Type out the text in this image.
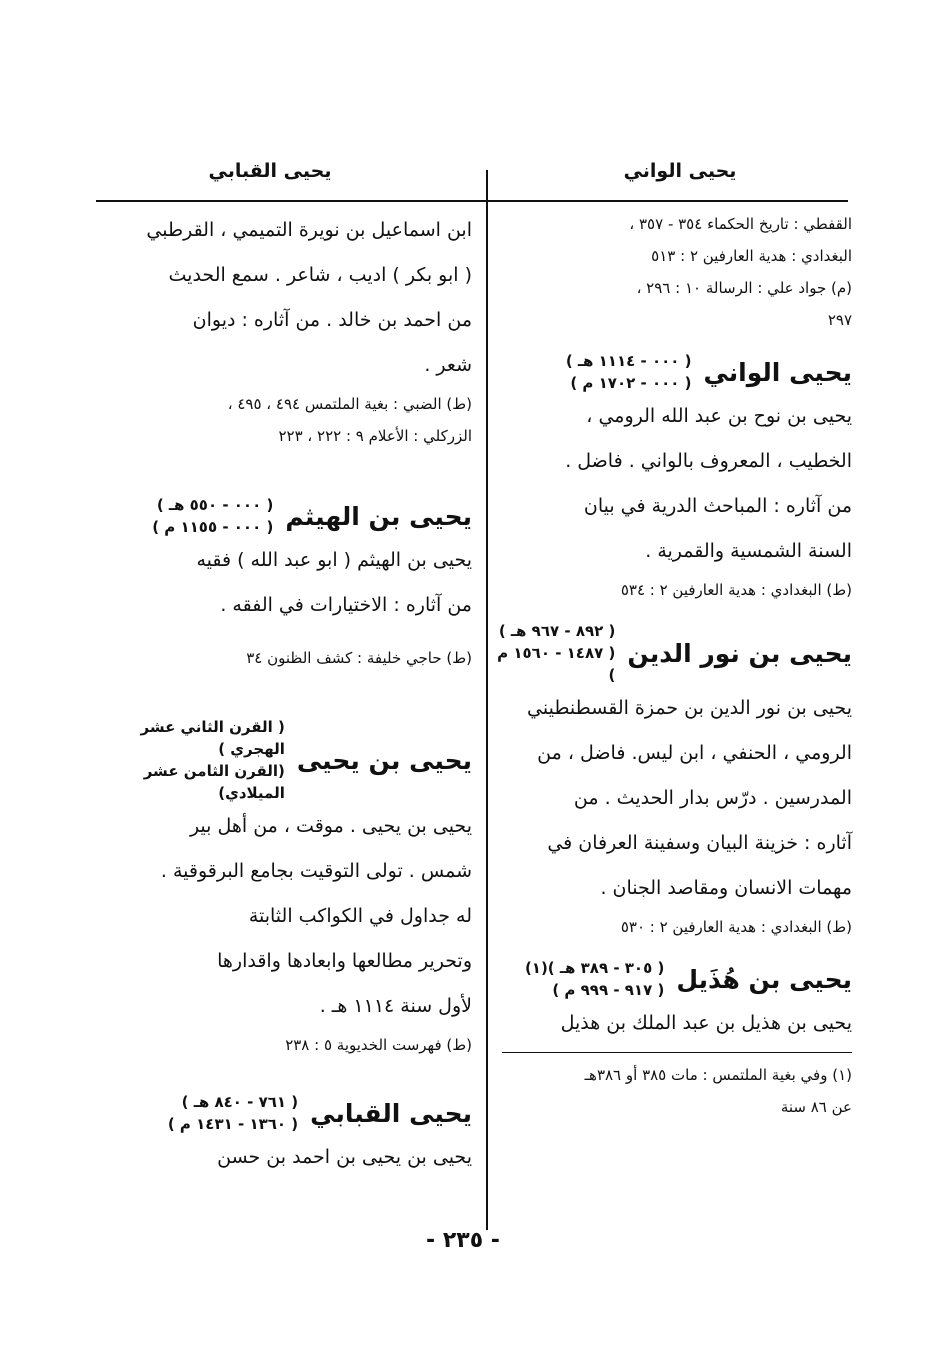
يحيى الواني
يحيى القبابي

القفطي : تاريخ الحكماء ٣٥٤ - ٣٥٧ ،

البغدادي : هدية العارفين ٢ : ٥١٣

(م) جواد علي : الرسالة ١٠ : ٢٩٦ ،

٢٩٧

يحيى الواني
( ٠٠٠ - ١١١٤ هـ )
( ٠٠٠ - ١٧٠٢ م )

يحيى بن نوح بن عبد الله الرومي ،

الخطيب ، المعروف بالواني . فاضل .

من آثاره : المباحث الدرية في بيان

السنة الشمسية والقمرية .

(ط) البغدادي : هدية العارفين ٢ : ٥٣٤

يحيى بن نور الدين
( ٨٩٢ - ٩٦٧ هـ )
( ١٤٨٧ - ١٥٦٠ م )

يحيى بن نور الدين بن حمزة القسطنطيني

الرومي ، الحنفي ، ابن ليس. فاضل ، من

المدرسين . درّس بدار الحديث . من

آثاره : خزينة البيان وسفينة العرفان في

مهمات الانسان ومقاصد الجنان .

(ط) البغدادي : هدية العارفين ٢ : ٥٣٠

يحيى بن هُذَيل
( ٣٠٥ - ٣٨٩ هـ )(١)
( ٩١٧ - ٩٩٩ م )

يحيى بن هذيل بن عبد الملك بن هذيل

(١) وفي بغية الملتمس : مات ٣٨٥ أو ٣٨٦هـ

عن ٨٦ سنة

ابن اسماعيل بن نويرة التميمي ، القرطبي

( ابو بكر ) اديب ، شاعر . سمع الحديث

من احمد بن خالد . من آثاره : ديوان

شعر .

(ط) الضبي : بغية الملتمس ٤٩٤ ، ٤٩٥ ،

الزركلي : الأعلام ٩ : ٢٢٢ ، ٢٢٣

يحيى بن الهيثم
( ٠٠٠ - ٥٥٠ هـ )
( ٠٠٠ - ١١٥٥ م )

يحيى بن الهيثم ( ابو عبد الله ) فقيه

من آثاره : الاختيارات في الفقه .

(ط) حاجي خليفة : كشف الظنون ٣٤

يحيى بن يحيى
( القرن الثاني عشر الهجري )
(القرن الثامن عشر الميلادي)

يحيى بن يحيى . موقت ، من أهل بير

شمس . تولى التوقيت بجامع البرقوقية .

له جداول في الكواكب الثابتة

وتحرير مطالعها وابعادها واقدارها

لأول سنة ١١١٤ هـ .

(ط) فهرست الخديوية ٥ : ٢٣٨

يحيى القبابي
( ٧٦١ - ٨٤٠ هـ )
( ١٣٦٠ - ١٤٣١ م )

يحيى بن يحيى بن احمد بن حسن

- ٢٣٥ -
